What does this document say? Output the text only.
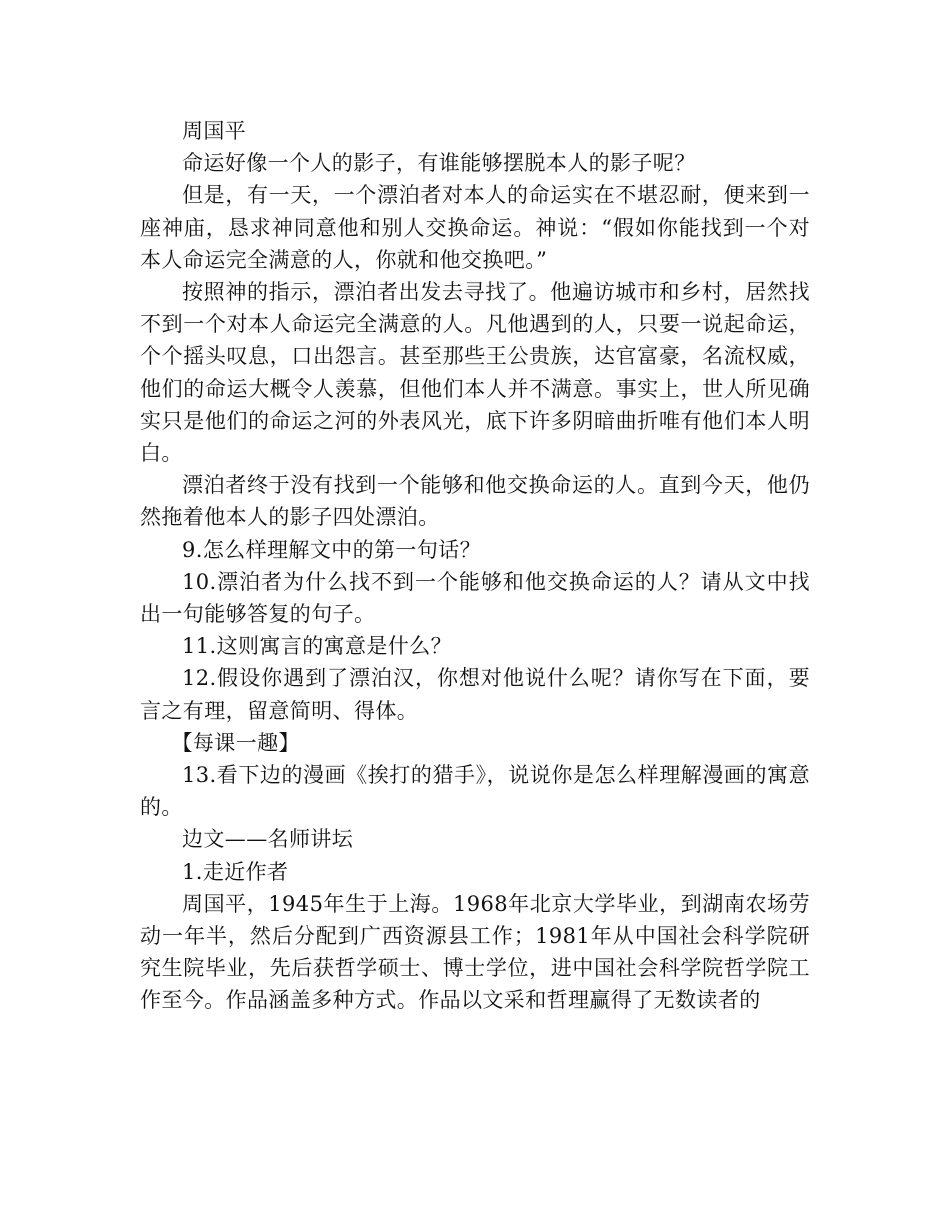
周国平

命运好像一个人的影子，有谁能够摆脱本人的影子呢？

但是，有一天，一个漂泊者对本人的命运实在不堪忍耐，便来到一座神庙，恳求神同意他和别人交换命运。神说：“假如你能找到一个对本人命运完全满意的人，你就和他交换吧。”

按照神的指示，漂泊者出发去寻找了。他遍访城市和乡村，居然找不到一个对本人命运完全满意的人。凡他遇到的人，只要一说起命运，个个摇头叹息，口出怨言。甚至那些王公贵族，达官富豪，名流权威，他们的命运大概令人羡慕，但他们本人并不满意。事实上，世人所见确实只是他们的命运之河的外表风光，底下许多阴暗曲折唯有他们本人明白。

漂泊者终于没有找到一个能够和他交换命运的人。直到今天，他仍然拖着他本人的影子四处漂泊。

9.怎么样理解文中的第一句话？

10.漂泊者为什么找不到一个能够和他交换命运的人？请从文中找出一句能够答复的句子。

11.这则寓言的寓意是什么？

12.假设你遇到了漂泊汉，你想对他说什么呢？请你写在下面，要言之有理，留意简明、得体。

【每课一趣】

13.看下边的漫画《挨打的猎手》，说说你是怎么样理解漫画的寓意的。

边文——名师讲坛

1.走近作者

周国平，1945年生于上海。1968年北京大学毕业，到湖南农场劳动一年半，然后分配到广西资源县工作；1981年从中国社会科学院研究生院毕业，先后获哲学硕士、博士学位，进中国社会科学院哲学院工作至今。作品涵盖多种方式。作品以文采和哲理赢得了无数读者的
